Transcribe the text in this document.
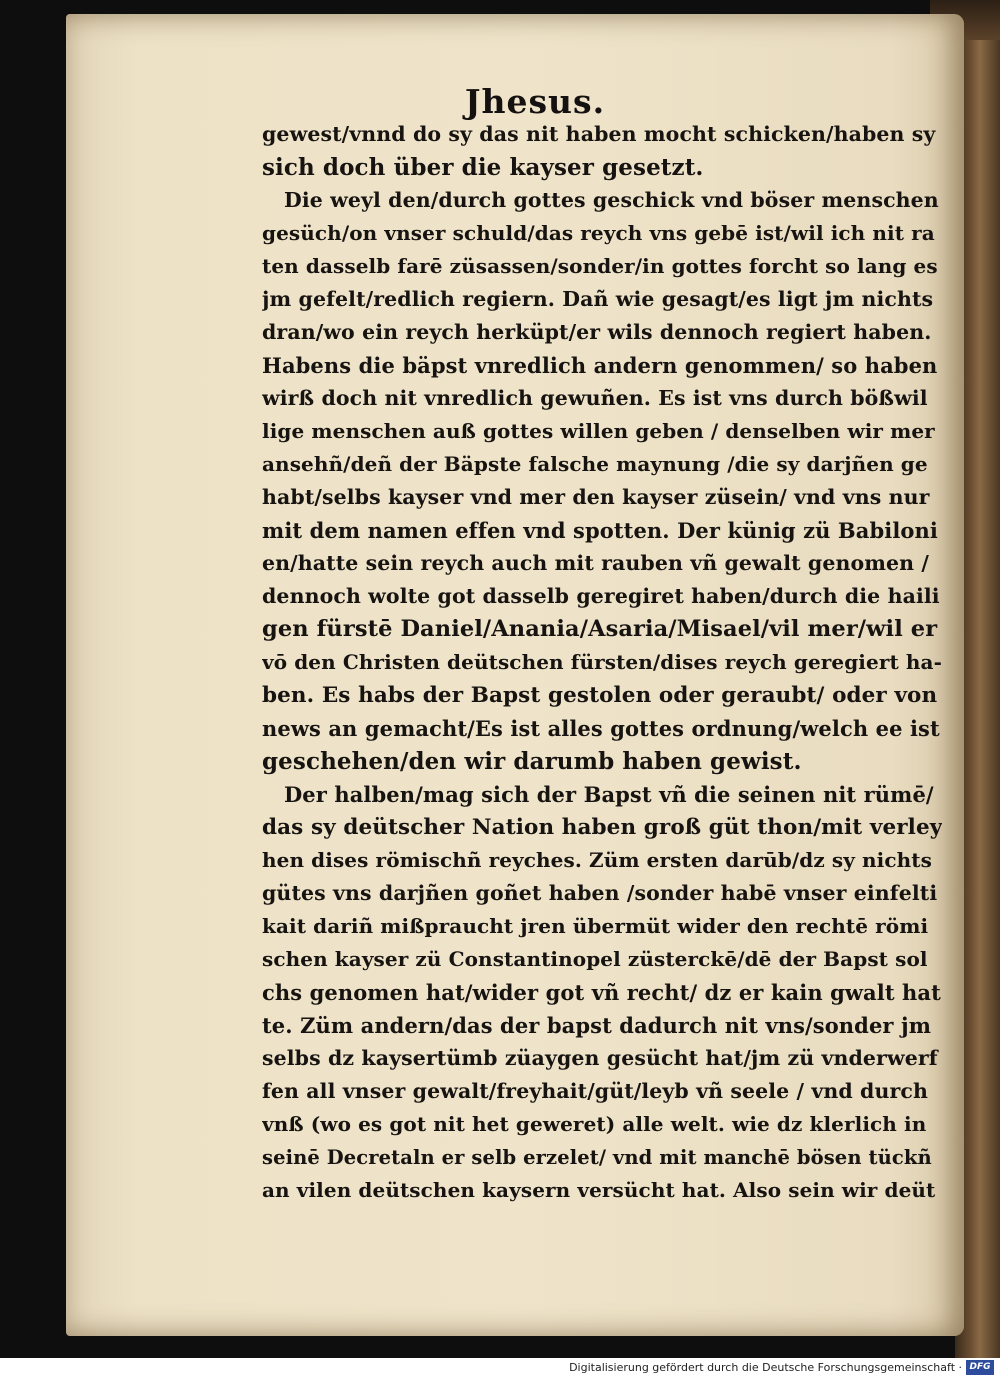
Jhesus.
gewest/vnnd do sy das nit haben mocht schicken/haben sy
sich doch über die kayser gesetzt.
Die weyl den/durch gottes geschick vnd böser menschen
gesüch/on vnser schuld/das reych vns gebē ist/wil ich nit ra
ten dasselb farē züsassen/sonder/in gottes forcht so lang es
jm gefelt/redlich regiern. Dañ wie gesagt/es ligt jm nichts
dran/wo ein reych herküpt/er wils dennoch regiert haben.
Habens die bäpst vnredlich andern genommen/ so haben
wirß doch nit vnredlich gewuñen. Es ist vns durch bößwil
lige menschen auß gottes willen geben / denselben wir mer
ansehñ/deñ der Bäpste falsche maynung /die sy darjñen ge
habt/selbs kayser vnd mer den kayser züsein/ vnd vns nur
mit dem namen effen vnd spotten. Der künig zü Babiloni
en/hatte sein reych auch mit rauben vñ gewalt genomen /
dennoch wolte got dasselb geregiret haben/durch die haili
gen fürstē Daniel/Anania/Asaria/Misael/vil mer/wil er
vō den Christen deütschen fürsten/dises reych geregiert ha-
ben. Es habs der Bapst gestolen oder geraubt/ oder von
news an gemacht/Es ist alles gottes ordnung/welch ee ist
geschehen/den wir darumb haben gewist.
Der halben/mag sich der Bapst vñ die seinen nit rümē/
das sy deütscher Nation haben groß güt thon/mit verley
hen dises römischñ reyches. Züm ersten darūb/dz sy nichts
gütes vns darjñen goñet haben /sonder habē vnser einfelti
kait dariñ mißpraucht jren übermüt wider den rechtē römi
schen kayser zü Constantinopel züsterckē/dē der Bapst sol
chs genomen hat/wider got vñ recht/ dz er kain gwalt hat
te. Züm andern/das der bapst dadurch nit vns/sonder jm
selbs dz kaysertümb züaygen gesücht hat/jm zü vnderwerf
fen all vnser gewalt/freyhait/güt/leyb vñ seele / vnd durch
vnß (wo es got nit het geweret) alle welt. wie dz klerlich in
seinē Decretaln er selb erzelet/ vnd mit manchē bösen tückñ
an vilen deütschen kaysern versücht hat. Also sein wir deüt
Digitalisierung gefördert durch die Deutsche Forschungsgemeinschaft · DFG
